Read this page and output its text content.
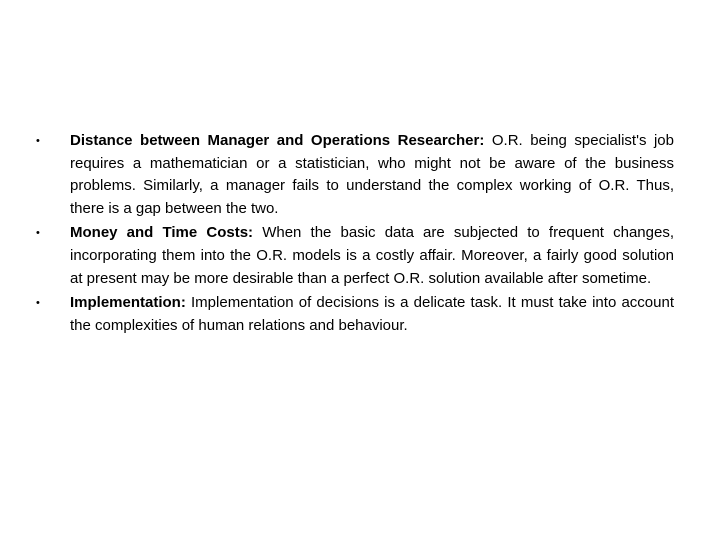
• Distance between Manager and Operations Researcher: O.R. being specialist's job requires a mathematician or a statistician, who might not be aware of the business problems. Similarly, a manager fails to understand the complex working of O.R. Thus, there is a gap between the two.
• Money and Time Costs: When the basic data are subjected to frequent changes, incorporating them into the O.R. models is a costly affair. Moreover, a fairly good solution at present may be more desirable than a perfect O.R. solution available after sometime.
• Implementation: Implementation of decisions is a delicate task. It must take into account the complexities of human relations and behaviour.
